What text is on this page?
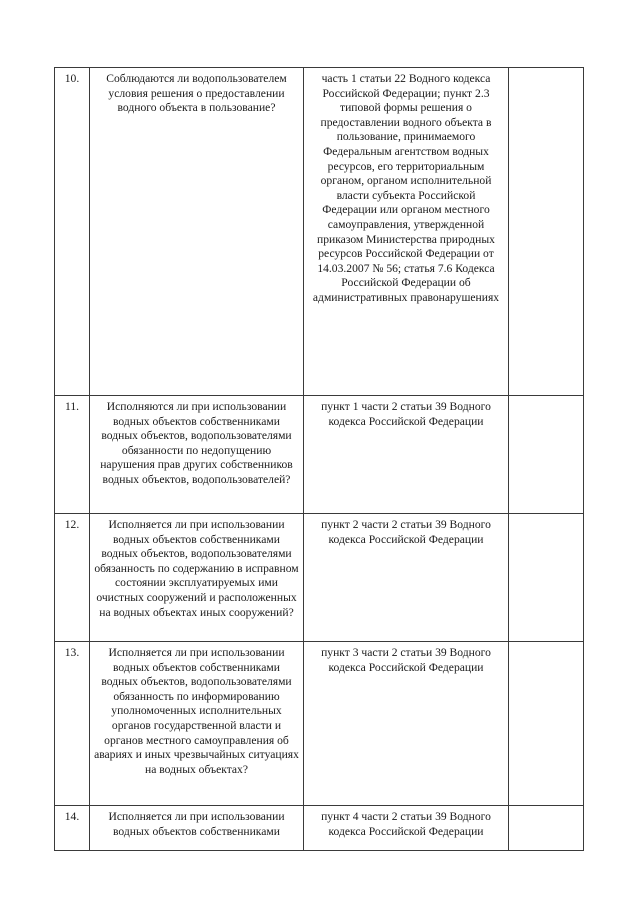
10.	Соблюдаются ли водопользователем условия решения о предоставлении водного объекта в пользование?	часть 1 статьи 22 Водного кодекса Российской Федерации; пункт 2.3 типовой формы решения о предоставлении водного объекта в пользование, принимаемого Федеральным агентством водных ресурсов, его территориальным органом, органом исполнительной власти субъекта Российской Федерации или органом местного самоуправления, утвержденной приказом Министерства природных ресурсов Российской Федерации от 14.03.2007 № 56; статья 7.6 Кодекса Российской Федерации об административных правонарушениях	
11.	Исполняются ли при использовании водных объектов собственниками водных объектов, водопользователями обязанности по недопущению нарушения прав других собственников водных объектов, водопользователей?	пункт 1 части 2 статьи 39 Водного кодекса Российской Федерации	
12.	Исполняется ли при использовании водных объектов собственниками водных объектов, водопользователями обязанность по содержанию в исправном состоянии эксплуатируемых ими очистных сооружений и расположенных на водных объектах иных сооружений?	пункт 2 части 2 статьи 39 Водного кодекса Российской Федерации	
13.	Исполняется ли при использовании водных объектов собственниками водных объектов, водопользователями обязанность по информированию уполномоченных исполнительных органов государственной власти и органов местного самоуправления об авариях и иных чрезвычайных ситуациях на водных объектах?	пункт 3 части 2 статьи 39 Водного кодекса Российской Федерации	
14.	Исполняется ли при использовании водных объектов собственниками	пункт 4 части 2 статьи 39 Водного кодекса Российской Федерации	
